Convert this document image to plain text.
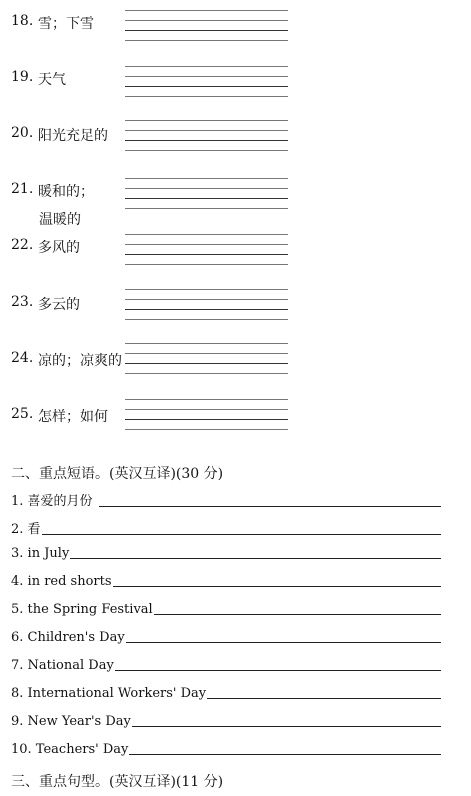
18. 雪；下雪
19. 天气
20. 阳光充足的
21. 暖和的；
温暖的
22. 多风的
23. 多云的
24. 凉的；凉爽的
25. 怎样；如何
二、重点短语。(英汉互译)(30 分)
1. 喜爱的月份
2. 看
3. in July
4. in red shorts
5. the Spring Festival
6. Children's Day
7. National Day
8. International Workers' Day
9. New Year's Day
10. Teachers' Day
三、重点句型。(英汉互译)(11 分)
